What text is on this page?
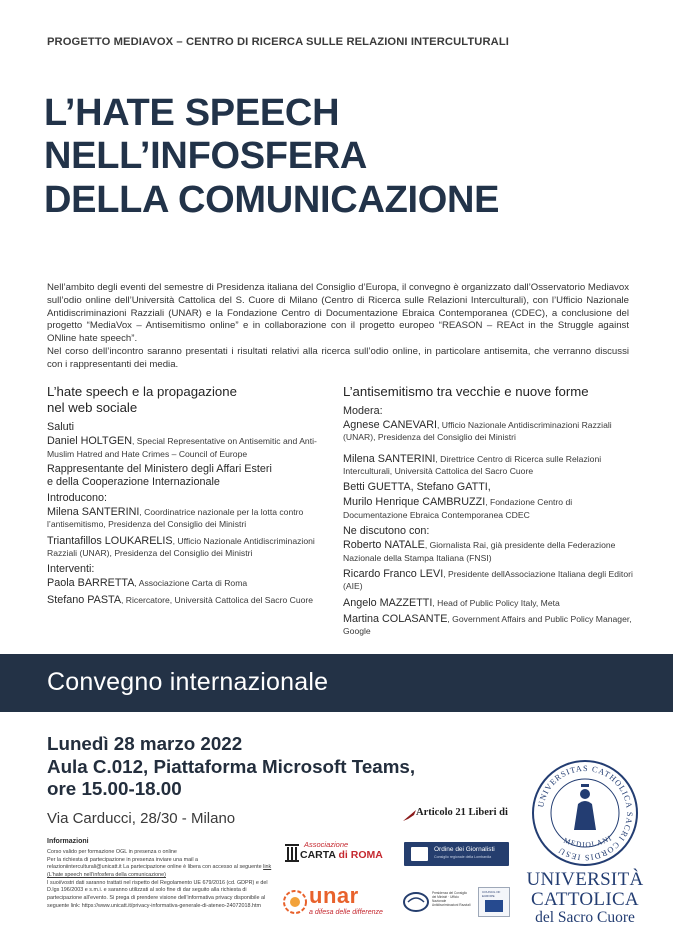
PROGETTO MEDIAVOX – CENTRO DI RICERCA SULLE RELAZIONI INTERCULTURALI
L’HATE SPEECH
NELL’INFOSFERA
DELLA COMUNICAZIONE

Nell’ambito degli eventi del semestre di Presidenza italiana del Consiglio d’Europa, il convegno è organizzato dall’Osservatorio Mediavox sull’odio online dell’Università Cattolica del S. Cuore di Milano (Centro di Ricerca sulle Relazioni Interculturali), con l’Ufficio Nazionale Antidiscriminazioni Razziali (UNAR) e la Fondazione Centro di Documentazione Ebraica Contemporanea (CDEC), a conclusione del progetto “MediaVox – Antisemitismo online” e in collaborazione con il progetto europeo “REASON – REAct in the Struggle against ONline hate speech”.

Nel corso dell’incontro saranno presentati i risultati relativi alla ricerca sull’odio online, in particolare antisemita, che verranno discussi con i rappresentanti dei media.

L’hate speech e la propagazione
nel web sociale
Saluti
Daniel HOLTGEN, Special Representative on Antisemitic and Anti-Muslim Hatred and Hate Crimes – Council of Europe
Rappresentante del Ministero degli Affari Esteri
e della Cooperazione Internazionale
Introducono:
Milena SANTERINI, Coordinatrice nazionale per la lotta contro l’antisemitismo, Presidenza del Consiglio dei Ministri
Triantafillos LOUKARELIS, Ufficio Nazionale Antidiscriminazioni Razziali (UNAR), Presidenza del Consiglio dei Ministri
Interventi:
Paola BARRETTA, Associazione Carta di Roma
Stefano PASTA, Ricercatore, Università Cattolica del Sacro Cuore
L’antisemitismo tra vecchie e nuove forme
Modera:
Agnese CANEVARI, Ufficio Nazionale Antidiscriminazioni Razziali (UNAR), Presidenza del Consiglio dei Ministri
Milena SANTERINI, Direttrice Centro di Ricerca sulle Relazioni Interculturali, Università Cattolica del Sacro Cuore
Betti GUETTA, Stefano GATTI,
Murilo Henrique CAMBRUZZI, Fondazione Centro di Documentazione Ebraica Contemporanea CDEC
Ne discutono con:
Roberto NATALE, Giornalista Rai, già presidente della Federazione Nazionale della Stampa Italiana (FNSI)
Ricardo Franco LEVI, Presidente dellAssociazione Italiana degli Editori (AIE)
Angelo MAZZETTI, Head of Public Policy Italy, Meta
Martina COLASANTE, Government Affairs and Public Policy Manager, Google
Convegno internazionale
Lunedì 28 marzo 2022
Aula C.012, Piattaforma Microsoft Teams,
ore 15.00-18.00
Via Carducci, 28/30 - Milano
Informazioni
Corso valido per formazione OGL in presenza o online
Per la richiesta di partecipazione in presenza inviare una mail a relazioniinterculturali@unicatt.it La partecipazione online è libera con accesso al seguente link (L’hate speech nell’infosfera della comunicazione)
I suoi/vostri dati saranno trattati nel rispetto del Regolamento UE 679/2016 (cd. GDPR) e del D.lgs 196/2003 e s.m.i. e saranno utilizzati al solo fine di dar seguito alla richiesta di partecipazione all’evento. Si prega di prendere visione dell’informativa privacy disponibile al seguente link: https://www.unicatt.it/privacy-informativa-generale-di-ateneo-24072018.htm
Articolo 21 Liberi di
Associazione
CARTA di ROMA	Ordine dei Giornalisti
Consiglio regionale della Lombardia
unar
a difesa delle differenze
Presidenza del Consiglio dei Ministri · Ufficio Nazionale Antidiscriminazioni Razziali
COUNCIL OF EUROPE
UNIVERSITAS CATHOLICA SACRI CORDIS IESU
MEDIOLANI
UNIVERSITÀ
CATTOLICA
del Sacro Cuore
